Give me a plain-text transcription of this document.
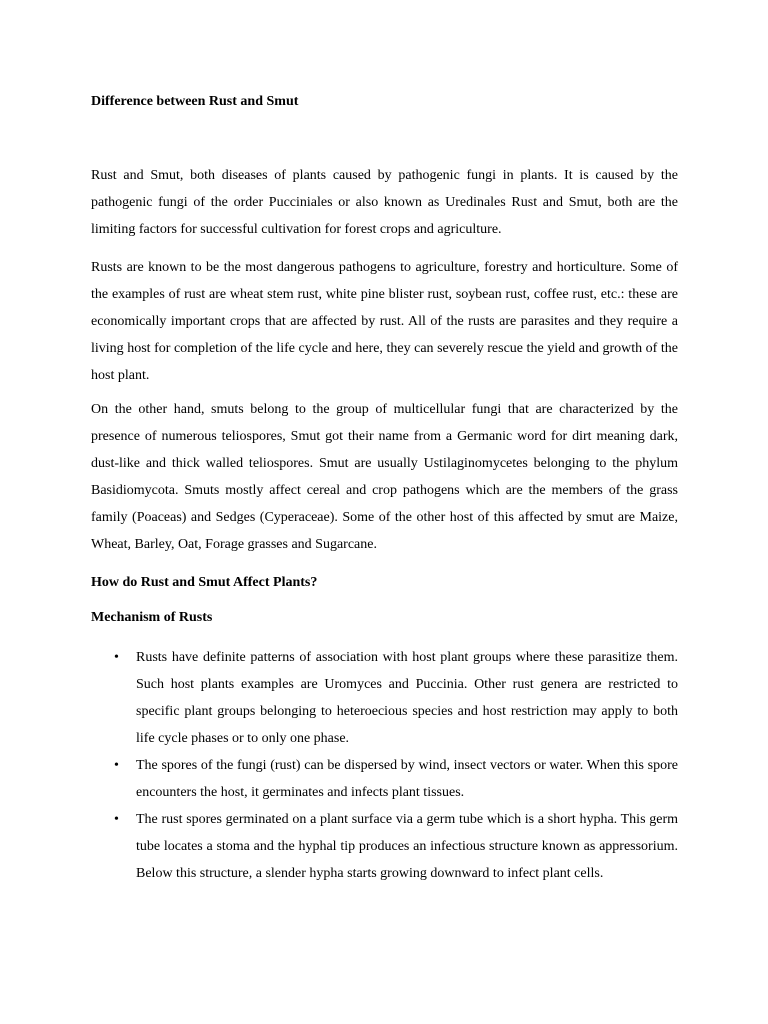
Difference between Rust and Smut

Rust and Smut, both diseases of plants caused by pathogenic fungi in plants. It is caused by the pathogenic fungi of the order Pucciniales or also known as Uredinales Rust and Smut, both are the limiting factors for successful cultivation for forest crops and agriculture.

Rusts are known to be the most dangerous pathogens to agriculture, forestry and horticulture. Some of the examples of rust are wheat stem rust, white pine blister rust, soybean rust, coffee rust, etc.: these are economically important crops that are affected by rust. All of the rusts are parasites and they require a living host for completion of the life cycle and here, they can severely rescue the yield and growth of the host plant.

On the other hand, smuts belong to the group of multicellular fungi that are characterized by the presence of numerous teliospores, Smut got their name from a Germanic word for dirt meaning dark, dust-like and thick walled teliospores. Smut are usually Ustilaginomycetes belonging to the phylum Basidiomycota. Smuts mostly affect cereal and crop pathogens which are the members of the grass family (Poaceas) and Sedges (Cyperaceae). Some of the other host of this affected by smut are Maize, Wheat, Barley, Oat, Forage grasses and Sugarcane.

How do Rust and Smut Affect Plants?
Mechanism of Rusts
• Rusts have definite patterns of association with host plant groups where these parasitize them. Such host plants examples are Uromyces and Puccinia. Other rust genera are restricted to specific plant groups belonging to heteroecious species and host restriction may apply to both life cycle phases or to only one phase.
• The spores of the fungi (rust) can be dispersed by wind, insect vectors or water. When this spore encounters the host, it germinates and infects plant tissues.
• The rust spores germinated on a plant surface via a germ tube which is a short hypha. This germ tube locates a stoma and the hyphal tip produces an infectious structure known as appressorium. Below this structure, a slender hypha starts growing downward to infect plant cells.
